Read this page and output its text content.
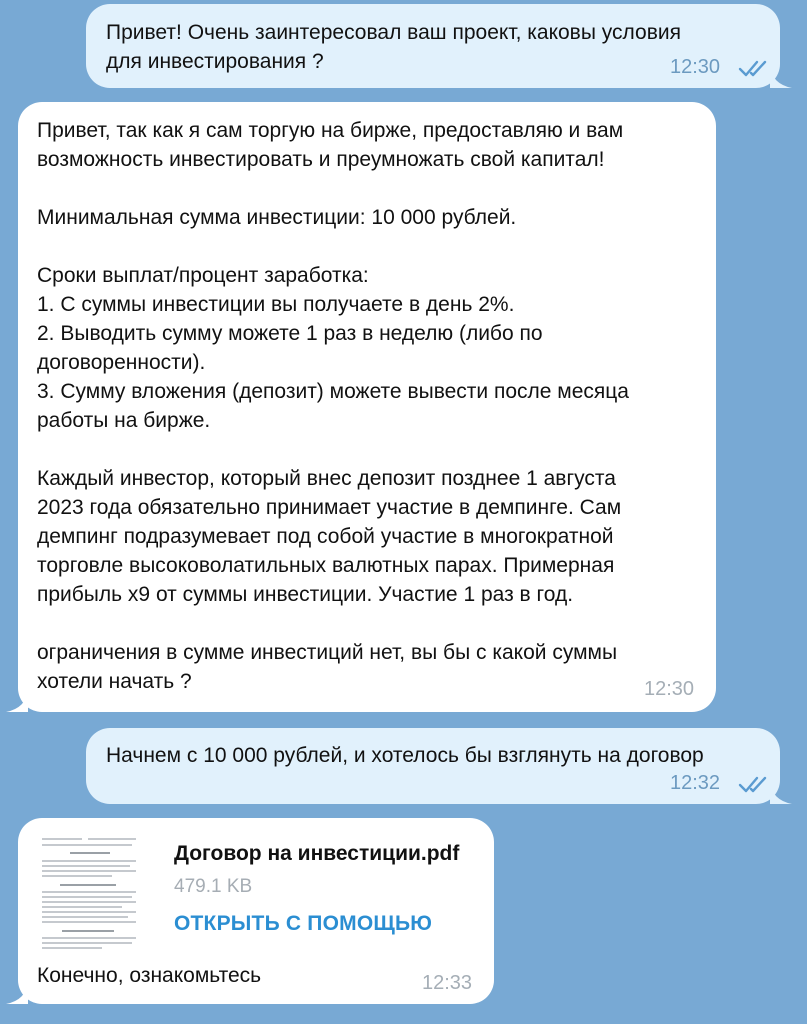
Привет! Очень заинтересовал ваш проект, каковы условия
для инвестирования ?	12:30

Привет, так как я сам торгую на бирже, предоставляю и вам
возможность инвестировать и преумножать свой капитал!

Минимальная сумма инвестиции: 10 000 рублей.

Сроки выплат/процент заработка:
1. С суммы инвестиции вы получаете в день 2%.
2. Выводить сумму можете 1 раз в неделю (либо по
договоренности).
3. Сумму вложения (депозит) можете вывести после месяца
работы на бирже.

Каждый инвестор, который внес депозит позднее 1 августа
2023 года обязательно принимает участие в демпинге. Сам
демпинг подразумевает под собой участие в многократной
торговле высоковолатильных валютных парах. Примерная
прибыль х9 от суммы инвестиции. Участие 1 раз в год.

ограничения в сумме инвестиций нет, вы бы с какой суммы
хотели начать ?	12:30

Начнем с 10 000 рублей, и хотелось бы взглянуть на договор

12:32
Договор на инвестиции.pdf
479.1 KB
ОТКРЫТЬ С ПОМОЩЬЮ

Конечно, ознакомьтесь	12:33
